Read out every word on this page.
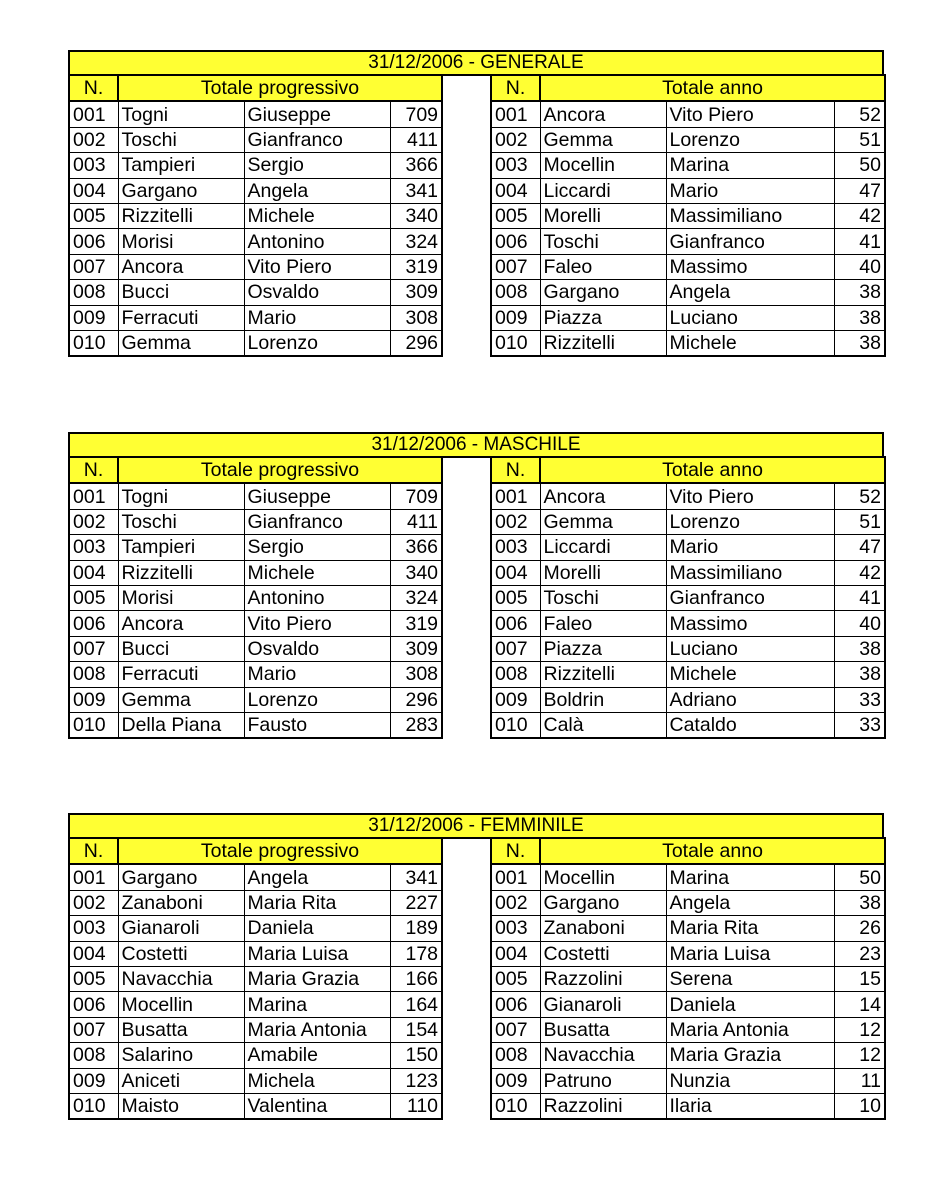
31/12/2006 - GENERALE
N.	Totale progressivo		
001	Togni	Giuseppe	709
002	Toschi	Gianfranco	411
003	Tampieri	Sergio	366
004	Gargano	Angela	341
005	Rizzitelli	Michele	340
006	Morisi	Antonino	324
007	Ancora	Vito Piero	319
008	Bucci	Osvaldo	309
009	Ferracuti	Mario	308
010	Gemma	Lorenzo	296
N.	Totale anno		
001	Ancora	Vito Piero	52
002	Gemma	Lorenzo	51
003	Mocellin	Marina	50
004	Liccardi	Mario	47
005	Morelli	Massimiliano	42
006	Toschi	Gianfranco	41
007	Faleo	Massimo	40
008	Gargano	Angela	38
009	Piazza	Luciano	38
010	Rizzitelli	Michele	38
31/12/2006 - MASCHILE
N.	Totale progressivo		
001	Togni	Giuseppe	709
002	Toschi	Gianfranco	411
003	Tampieri	Sergio	366
004	Rizzitelli	Michele	340
005	Morisi	Antonino	324
006	Ancora	Vito Piero	319
007	Bucci	Osvaldo	309
008	Ferracuti	Mario	308
009	Gemma	Lorenzo	296
010	Della Piana	Fausto	283
N.	Totale anno		
001	Ancora	Vito Piero	52
002	Gemma	Lorenzo	51
003	Liccardi	Mario	47
004	Morelli	Massimiliano	42
005	Toschi	Gianfranco	41
006	Faleo	Massimo	40
007	Piazza	Luciano	38
008	Rizzitelli	Michele	38
009	Boldrin	Adriano	33
010	Calà	Cataldo	33
31/12/2006 - FEMMINILE
N.	Totale progressivo		
001	Gargano	Angela	341
002	Zanaboni	Maria Rita	227
003	Gianaroli	Daniela	189
004	Costetti	Maria Luisa	178
005	Navacchia	Maria Grazia	166
006	Mocellin	Marina	164
007	Busatta	Maria Antonia	154
008	Salarino	Amabile	150
009	Aniceti	Michela	123
010	Maisto	Valentina	110
N.	Totale anno		
001	Mocellin	Marina	50
002	Gargano	Angela	38
003	Zanaboni	Maria Rita	26
004	Costetti	Maria Luisa	23
005	Razzolini	Serena	15
006	Gianaroli	Daniela	14
007	Busatta	Maria Antonia	12
008	Navacchia	Maria Grazia	12
009	Patruno	Nunzia	11
010	Razzolini	Ilaria	10
